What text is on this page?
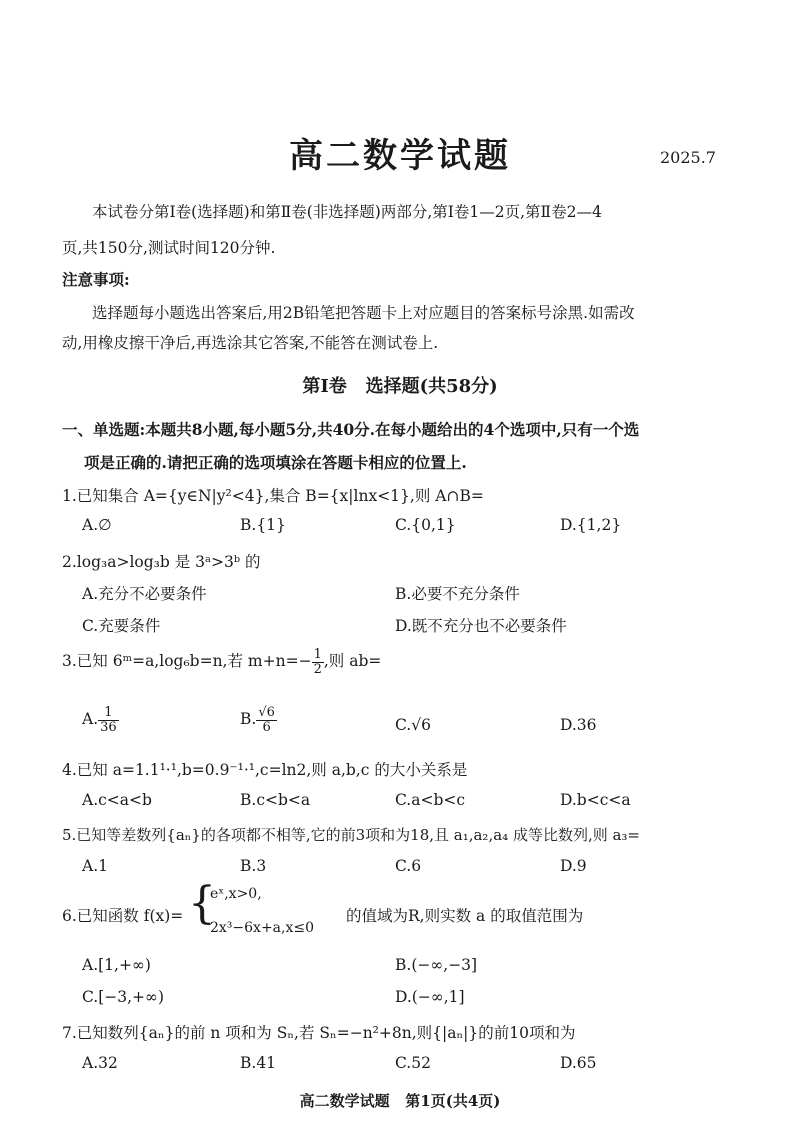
高二数学试题	2025.7
本试卷分第Ⅰ卷(选择题)和第Ⅱ卷(非选择题)两部分,第Ⅰ卷1—2页,第Ⅱ卷2—4
页,共150分,测试时间120分钟.
注意事项:
选择题每小题选出答案后,用2B铅笔把答题卡上对应题目的答案标号涂黑.如需改
动,用橡皮擦干净后,再选涂其它答案,不能答在测试卷上.
第Ⅰ卷   选择题(共58分)
一、单选题:本题共8小题,每小题5分,共40分.在每小题给出的4个选项中,只有一个选
项是正确的.请把正确的选项填涂在答题卡相应的位置上.
1.已知集合 A={y∈N|y²<4},集合 B={x|lnx<1},则 A∩B=
A.∅	B.{1}	C.{0,1}	D.{1,2}
2.log₃a>log₃b 是 3ᵃ>3ᵇ 的
A.充分不必要条件	B.必要不充分条件
C.充要条件	D.既不充分也不必要条件
3.已知 6ᵐ=a,log₆b=n,若 $m+n=- \frac{1}{2}$ ,则 ab=
A. $\frac{1}{36}$	B. $\frac{√6}{6}$	C.√6	D.36
4.已知 a=1.1¹·¹,b=0.9⁻¹·¹,c=ln2,则 a,b,c 的大小关系是
A.c<a<b	B.c<b<a	C.a<b<c	D.b<c<a
5.已知等差数列{aₙ}的各项都不相等,它的前3项和为18,且 a₁,a₂,a₄ 成等比数列,则 a₃=
A.1	B.3	C.6	D.9
6.已知函数 f(x)= {
eˣ,x>0,
2x³−6x+a,x≤0
的值域为R,则实数 a 的取值范围为
A.[1,+∞)	B.(−∞,−3]
C.[−3,+∞)	D.(−∞,1]
7.已知数列{aₙ}的前 n 项和为 Sₙ,若 Sₙ=−n²+8n,则{|aₙ|}的前10项和为
A.32	B.41	C.52	D.65
高二数学试题   第1页(共4页)
